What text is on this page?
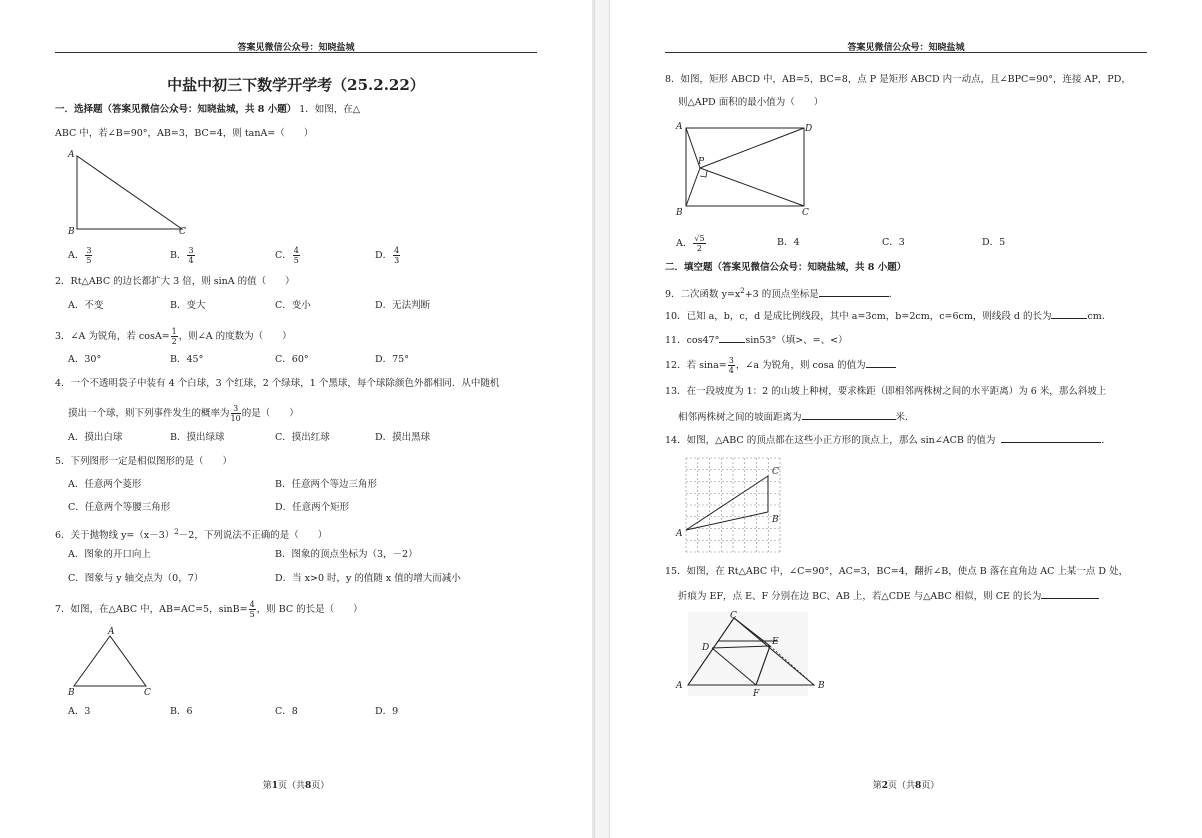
答案见微信公众号：知晓盐城
中盐中初三下数学开学考（25.2.22）
一．选择题（答案见微信公众号：知晓盐城，共 8 小题） 1．如图，在△
ABC 中，若∠B=90°，AB=3，BC=4，则 tanA=（　　）
A
B	C
A． $\frac{3}{5}$	B． $\frac{3}{4}$	C． $\frac{4}{5}$	D． $\frac{4}{3}$
2．Rt△ABC 的边长都扩大 3 倍，则 sinA 的值（　　）
A．不变	B．变大	C．变小	D．无法判断
3．∠A 为锐角，若 $\cos A= \frac{1}{2}$ ，则∠A 的度数为（　　）
A．30°	B．45°	C．60°	D．75°
4．一个不透明袋子中装有 4 个白球，3 个红球，2 个绿球，1 个黑球，每个球除颜色外都相同．从中随机
摸出一个球，则下列事件发生的概率为 $\frac{3}{10}$ 的是（　　）
A．摸出白球	B．摸出绿球	C．摸出红球	D．摸出黑球
5．下列图形一定是相似图形的是（　　）
A．任意两个菱形	B．任意两个等边三角形
C．任意两个等腰三角形	D．任意两个矩形
6．关于抛物线 $y=(x-3)^2-2$，下列说法不正确的是（　　）
A．图象的开口向上	B．图象的顶点坐标为（3，－2）
C．图象与 y 轴交点为（0，7）	D．当 x>0 时，y 的值随 x 值的增大而减小
7．如图，在△ABC 中，AB=AC=5，$\sin B= \frac{4}{5}$ ，则 BC 的长是（　　）
A
B	C
A．3	B．6	C．8	D．9
第1页（共8页）
答案见微信公众号：知晓盐城
8．如图，矩形 ABCD 中，AB=5，BC=8，点 P 是矩形 ABCD 内一动点，且∠BPC=90°，连接 AP，PD，
则△APD 面积的最小值为（　　）
A	D
P
B	C
A． $\frac{√5}{2}$	B．4	C．3	D．5
二．填空题（答案见微信公众号：知晓盐城，共 8 小题）
9．二次函数 $y=x^2+3$ 的顶点坐标是	．
10．已知 a，b，c，d 是成比例线段，其中 a=3cm，b=2cm，c=6cm，则线段 d 的长为	cm．
11．cos47°	sin53°（填>、=、<）
12．若 $\sin a= \frac{3}{4}$ ，∠a 为锐角，则 cosa 的值为
13．在一段坡度为 1：2 的山坡上种树，要求株距（即相邻两株树之间的水平距离）为 6 米，那么斜坡上
相邻两株树之间的坡面距离为	米．
14．如图，△ABC 的顶点都在这些小正方形的顶点上，那么 sin∠ACB 的值为	．
A
C
B
15．如图，在 Rt△ABC 中，∠C=90°，AC=3，BC=4，翻折∠B，使点 B 落在直角边 AC 上某一点 D 处，
折痕为 EF，点 E、F 分别在边 BC、AB 上，若△CDE 与△ABC 相似，则 CE 的长为
C
D
E
A
F
B
第2页（共8页）
